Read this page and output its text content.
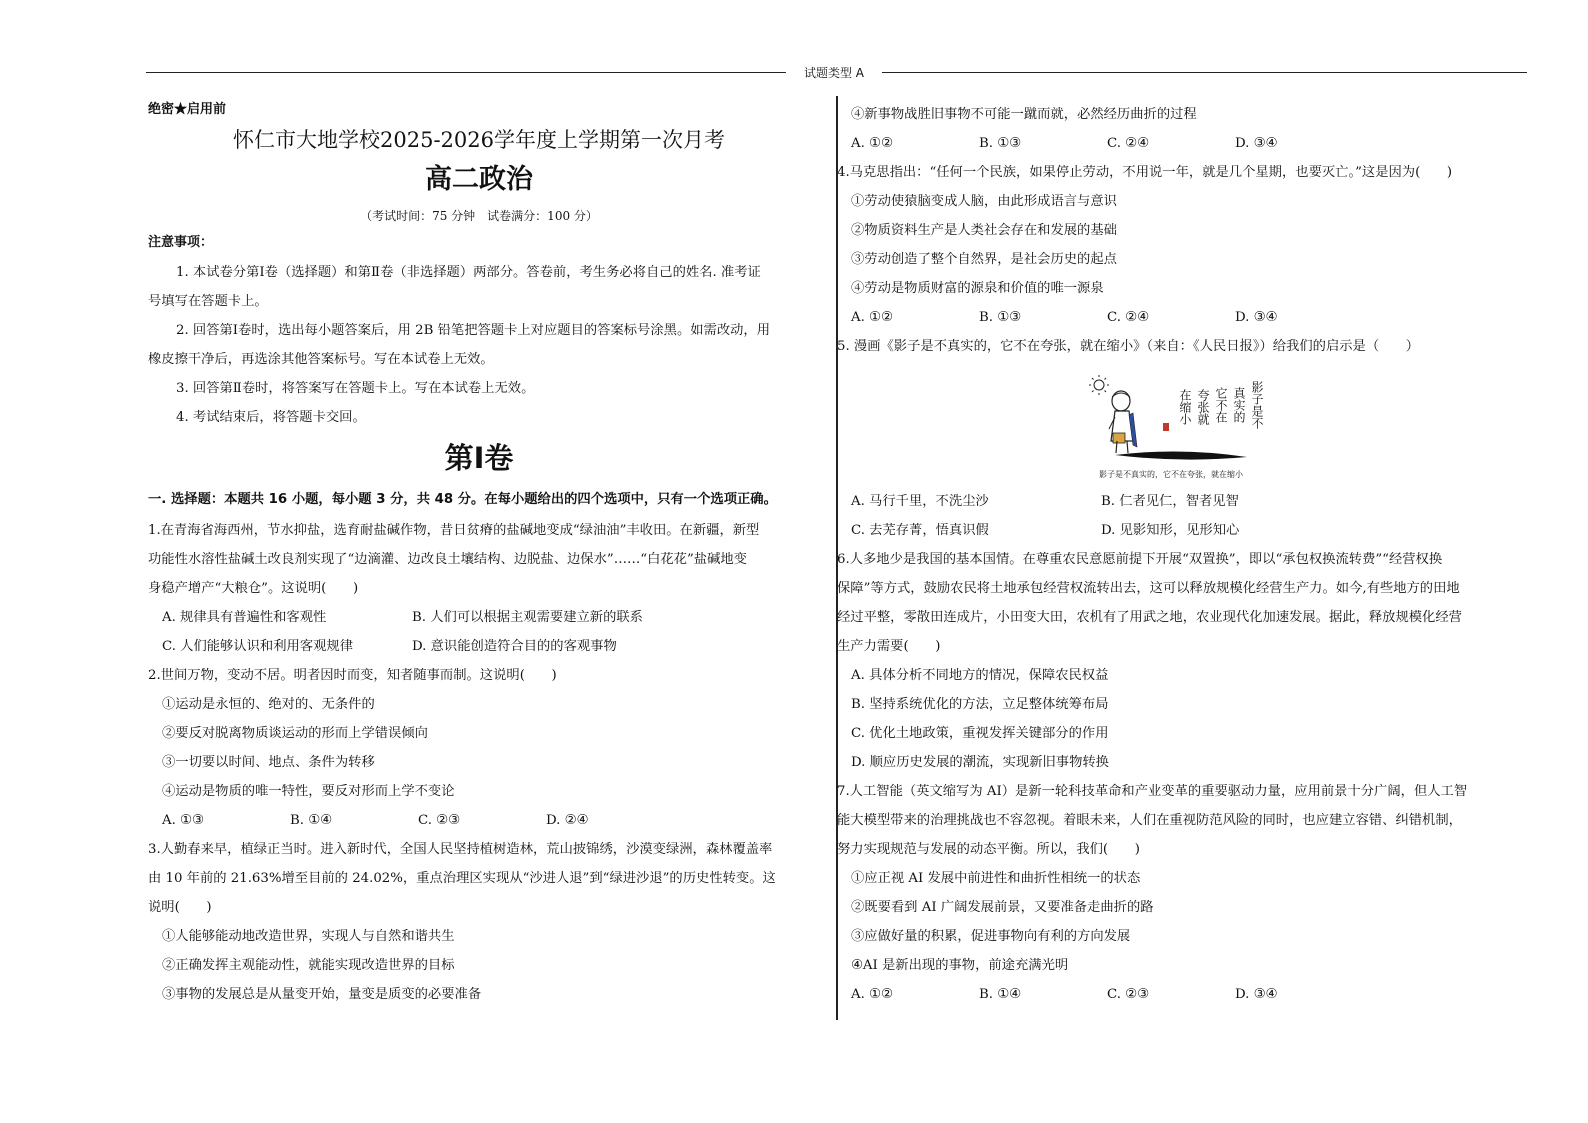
试题类型 A
绝密★启用前
怀仁市大地学校2025-2026学年度上学期第一次月考
高二政治
（考试时间：75 分钟　试卷满分：100 分）
注意事项：
1. 本试卷分第Ⅰ卷（选择题）和第Ⅱ卷（非选择题）两部分。答卷前，考生务必将自己的姓名. 准考证
号填写在答题卡上。
2. 回答第Ⅰ卷时，选出每小题答案后，用 2B 铅笔把答题卡上对应题目的答案标号涂黑。如需改动，用
橡皮擦干净后，再选涂其他答案标号。写在本试卷上无效。
3. 回答第Ⅱ卷时，将答案写在答题卡上。写在本试卷上无效。
4. 考试结束后，将答题卡交回。
第Ⅰ卷
一. 选择题：本题共 16 小题，每小题 3 分，共 48 分。在每小题给出的四个选项中，只有一个选项正确。
1.在青海省海西州，节水抑盐，选育耐盐碱作物，昔日贫瘠的盐碱地变成“绿油油”丰收田。在新疆，新型
功能性水溶性盐碱土改良剂实现了“边滴灌、边改良土壤结构、边脱盐、边保水”……“白花花”盐碱地变
身稳产增产“大粮仓”。这说明(　　)
A. 规律具有普遍性和客观性	B. 人们可以根据主观需要建立新的联系
C. 人们能够认识和利用客观规律	D. 意识能创造符合目的的客观事物
2.世间万物，变动不居。明者因时而变，知者随事而制。这说明(　　)
①运动是永恒的、绝对的、无条件的
②要反对脱离物质谈运动的形而上学错误倾向
③一切要以时间、地点、条件为转移
④运动是物质的唯一特性，要反对形而上学不变论
A. ①③	B. ①④	C. ②③	D. ②④
3.人勤春来早，植绿正当时。进入新时代，全国人民坚持植树造林，荒山披锦绣，沙漠变绿洲，森林覆盖率
由 10 年前的 21.63%增至目前的 24.02%，重点治理区实现从“沙进人退”到“绿进沙退”的历史性转变。这
说明(　　)
①人能够能动地改造世界，实现人与自然和谐共生
②正确发挥主观能动性，就能实现改造世界的目标
③事物的发展总是从量变开始，量变是质变的必要准备
④新事物战胜旧事物不可能一蹴而就，必然经历曲折的过程
A. ①②	B. ①③	C. ②④	D. ③④
4.马克思指出：“任何一个民族，如果停止劳动，不用说一年，就是几个星期，也要灭亡。”这是因为(　　)
①劳动使猿脑变成人脑，由此形成语言与意识
②物质资料生产是人类社会存在和发展的基础
③劳动创造了整个自然界，是社会历史的起点
④劳动是物质财富的源泉和价值的唯一源泉
A. ①②	B. ①③	C. ②④	D. ③④
5. 漫画《影子是不真实的，它不在夸张，就在缩小》（来自：《人民日报》）给我们的启示是（　　）
影子是不
真实的
它不在
夸张就
在缩小
影子是不真实的，它不在夸张，就在缩小
A. 马行千里，不洗尘沙	B. 仁者见仁，智者见智
C. 去芜存菁，悟真识假	D. 见影知形，见形知心
6.人多地少是我国的基本国情。在尊重农民意愿前提下开展“双置换”，即以“承包权换流转费”“经营权换
保障”等方式，鼓励农民将土地承包经营权流转出去，这可以释放规模化经营生产力。如今,有些地方的田地
经过平整，零散田连成片，小田变大田，农机有了用武之地，农业现代化加速发展。据此，释放规模化经营
生产力需要(　　)
A. 具体分析不同地方的情况，保障农民权益
B. 坚持系统优化的方法，立足整体统筹布局
C. 优化土地政策，重视发挥关键部分的作用
D. 顺应历史发展的潮流，实现新旧事物转换
7.人工智能（英文缩写为 AI）是新一轮科技革命和产业变革的重要驱动力量，应用前景十分广阔，但人工智
能大模型带来的治理挑战也不容忽视。着眼未来，人们在重视防范风险的同时，也应建立容错、纠错机制，
努力实现规范与发展的动态平衡。所以，我们(　　)
①应正视 AI 发展中前进性和曲折性相统一的状态
②既要看到 AI 广阔发展前景，又要准备走曲折的路
③应做好量的积累，促进事物向有利的方向发展
④AI 是新出现的事物，前途充满光明
A. ①②	B. ①④	C. ②③	D. ③④
